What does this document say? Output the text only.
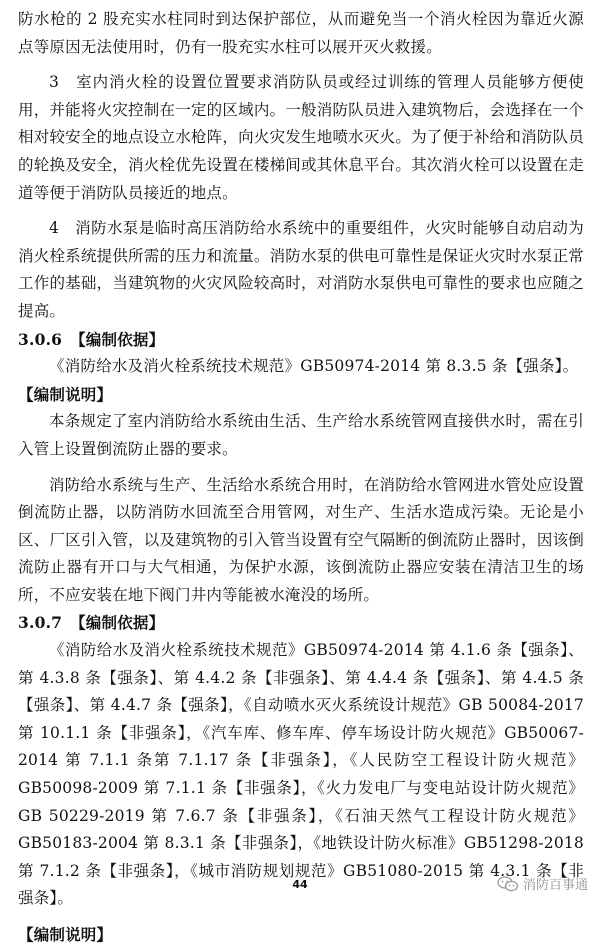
防水枪的 2 股充实水柱同时到达保护部位，从而避免当一个消火栓因为靠近火源点等原因无法使用时，仍有一股充实水柱可以展开灭火救援。

3　室内消火栓的设置位置要求消防队员或经过训练的管理人员能够方便使用，并能将火灾控制在一定的区域内。一般消防队员进入建筑物后，会选择在一个相对较安全的地点设立水枪阵，向火灾发生地喷水灭火。为了便于补给和消防队员的轮换及安全，消火栓优先设置在楼梯间或其休息平台。其次消火栓可以设置在走道等便于消防队员接近的地点。

4　消防水泵是临时高压消防给水系统中的重要组件，火灾时能够自动启动为消火栓系统提供所需的压力和流量。消防水泵的供电可靠性是保证火灾时水泵正常工作的基础，当建筑物的火灾风险较高时，对消防水泵供电可靠性的要求也应随之提高。

3.0.6　【编制依据】

《消防给水及消火栓系统技术规范》GB50974-2014 第 8.3.5 条【强条】。

【编制说明】

本条规定了室内消防给水系统由生活、生产给水系统管网直接供水时，需在引入管上设置倒流防止器的要求。

消防给水系统与生产、生活给水系统合用时，在消防给水管网进水管处应设置倒流防止器，以防消防水回流至合用管网，对生产、生活水造成污染。无论是小区、厂区引入管，以及建筑物的引入管当设置有空气隔断的倒流防止器时，因该倒流防止器有开口与大气相通，为保护水源，该倒流防止器应安装在清洁卫生的场所，不应安装在地下阀门井内等能被水淹没的场所。

3.0.7　【编制依据】

《消防给水及消火栓系统技术规范》GB50974-2014 第 4.1.6 条【强条】、第 4.3.8 条【强条】、第 4.4.2 条【非强条】、第 4.4.4 条【强条】、第 4.4.5 条【强条】、第 4.4.7 条【强条】，《自动喷水灭火系统设计规范》GB 50084-2017 第 10.1.1 条【非强条】，《汽车库、修车库、停车场设计防火规范》GB50067-2014 第 7.1.1 条第 7.1.17 条【非强条】，《人民防空工程设计防火规范》GB50098-2009 第 7.1.1 条【非强条】，《火力发电厂与变电站设计防火规范》GB 50229-2019 第 7.6.7 条【非强条】，《石油天然气工程设计防火规范》GB50183-2004 第 8.3.1 条【非强条】，《地铁设计防火标准》GB51298-2018 第 7.1.2 条【非强条】，《城市消防规划规范》GB51080-2015 第 4.3.1 条【非强条】。

【编制说明】

44	消防百事通
